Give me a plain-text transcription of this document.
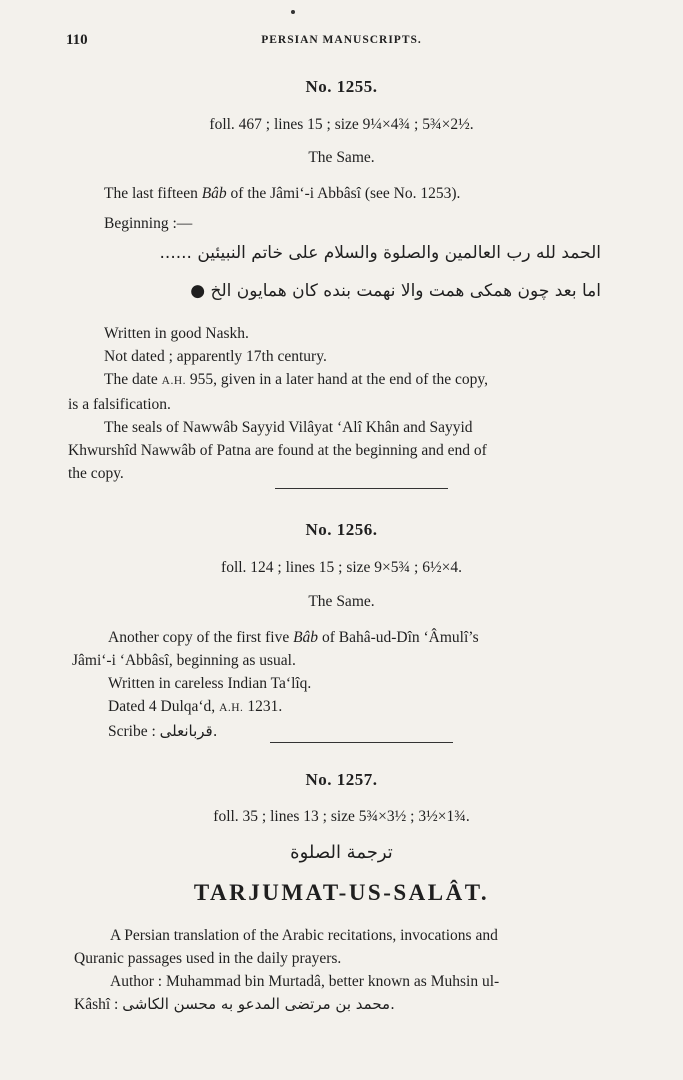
110	PERSIAN MANUSCRIPTS.
No. 1255.
foll. 467 ; lines 15 ; size 9¼×4¾ ; 5¾×2½.
The Same.
The last fifteen Bâb of the Jâmi‘-i Abbâsî (see No. 1253).
Beginning :—
الحمد لله رب العالمين والصلوة والسلام على خاتم النبيئين ......
اما بعد چون همكى همت والا نهمت بنده كان همايون الخ ●
Written in good Naskh.
Not dated ; apparently 17th century.
The date A.H. 955, given in a later hand at the end of the copy,
is a falsification.
The seals of Nawwâb Sayyid Vilâyat ‘Alî Khân and Sayyid
Khwurshîd Nawwâb of Patna are found at the beginning and end of
the copy.
No. 1256.
foll. 124 ; lines 15 ; size 9×5¾ ; 6½×4.
The Same.
Another copy of the first five Bâb of Bahâ-ud-Dîn ‘Âmulî’s
Jâmi‘-i ‘Abbâsî, beginning as usual.
Written in careless Indian Ta‘lîq.
Dated 4 Dulqa‘d, A.H. 1231.
Scribe : قربانعلى.
No. 1257.
foll. 35 ; lines 13 ; size 5¾×3½ ; 3½×1¾.
ترجمة الصلوة
TARJUMAT-US-SALÂT.
A Persian translation of the Arabic recitations, invocations and
Quranic passages used in the daily prayers.
Author : Muhammad bin Murtadâ, better known as Muhsin ul-
Kâshî : محمد بن مرتضى المدعو به محسن الكاشى.
